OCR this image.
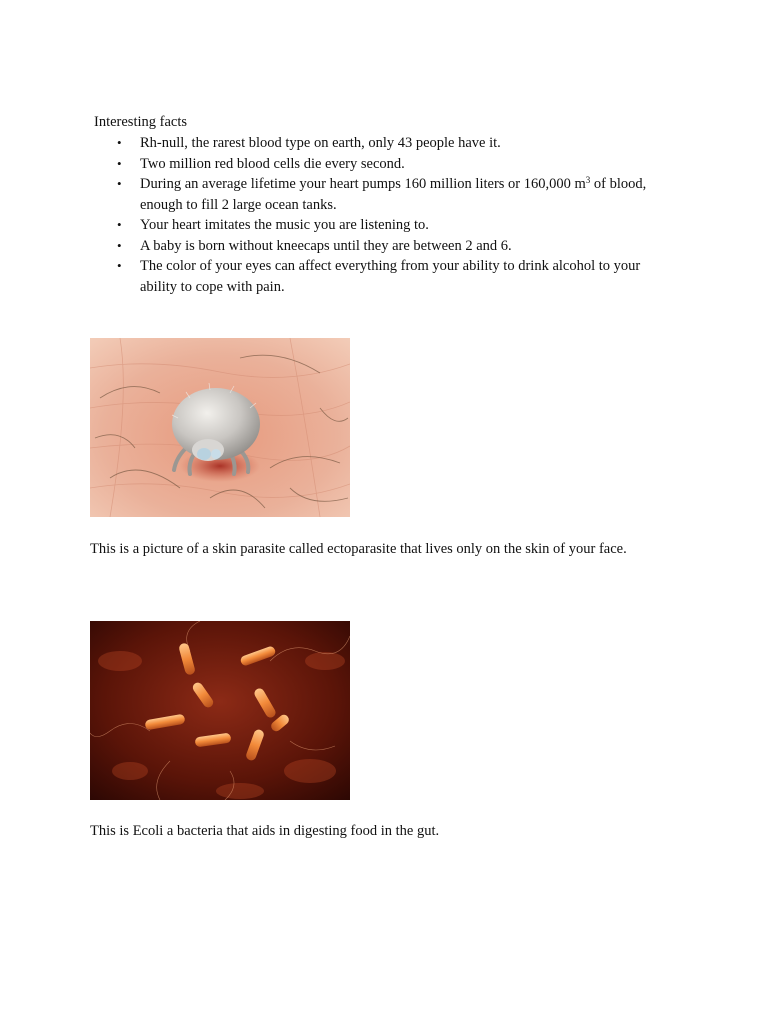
Interesting facts
• Rh-null, the rarest blood type on earth, only 43 people have it.
• Two million red blood cells die every second.
• During an average lifetime your heart pumps 160 million liters or 160,000 $m^3$ of blood, enough to fill 2 large ocean tanks.
• Your heart imitates the music you are listening to.
• A baby is born without kneecaps until they are between 2 and 6.
• The color of your eyes can affect everything from your ability to drink alcohol to your ability to cope with pain.
This is a picture of a skin parasite called ectoparasite that lives only on the skin of your face.
This is Ecoli a bacteria that aids in digesting food in the gut.
